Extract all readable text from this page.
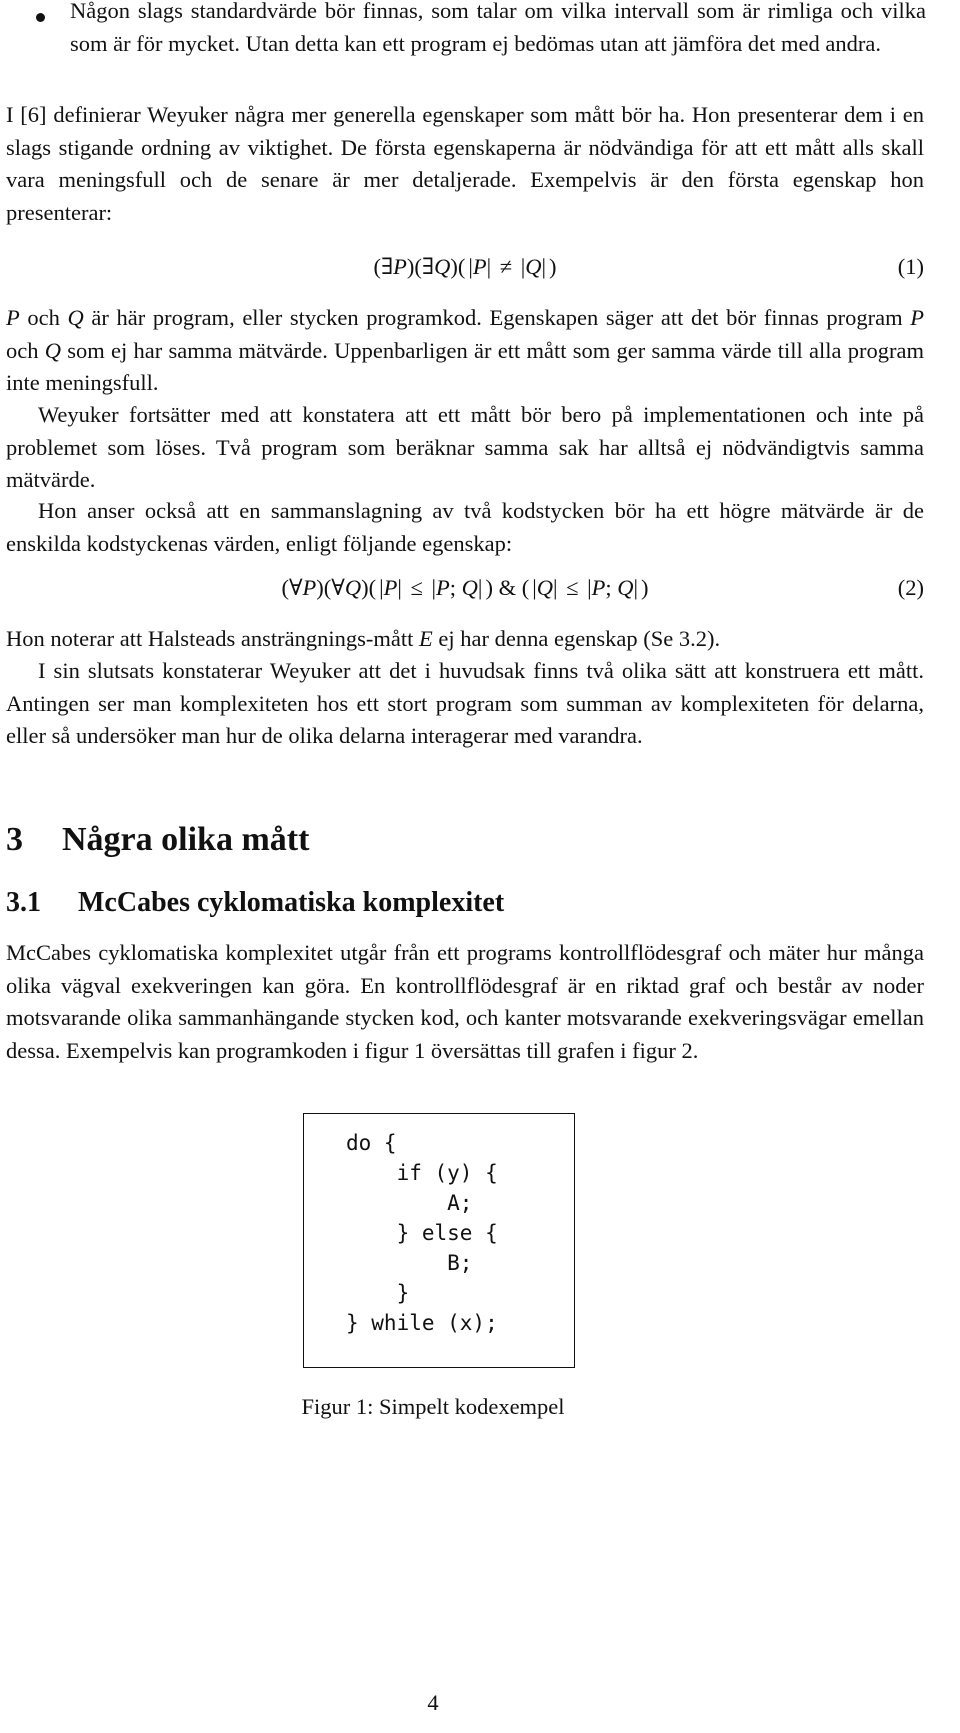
Någon slags standardvärde bör finnas, som talar om vilka intervall som är rimliga och vilka som är för mycket. Utan detta kan ett program ej bedömas utan att jämföra det med andra.

I [6] definierar Weyuker några mer generella egenskaper som mått bör ha. Hon presenterar dem i en slags stigande ordning av viktighet. De första egenskaperna är nödvändiga för att ett mått alls skall vara meningsfull och de senare är mer detaljerade. Exempelvis är den första egenskap hon presenterar:

(∃P)(∃Q)( |P| ≠ |Q| )	(1)

P och Q är här program, eller stycken programkod. Egenskapen säger att det bör finnas program P och Q som ej har samma mätvärde. Uppenbarligen är ett mått som ger samma värde till alla program inte meningsfull.

Weyuker fortsätter med att konstatera att ett mått bör bero på implementationen och inte på problemet som löses. Två program som beräknar samma sak har alltså ej nödvändigtvis samma mätvärde.

Hon anser också att en sammanslagning av två kodstycken bör ha ett högre mätvärde är de enskilda kodstyckenas värden, enligt följande egenskap:

(∀P)(∀Q)( |P| ≤ |P; Q| ) & ( |Q| ≤ |P; Q| )	(2)

Hon noterar att Halsteads ansträngnings-mått E ej har denna egenskap (Se 3.2).

I sin slutsats konstaterar Weyuker att det i huvudsak finns två olika sätt att konstruera ett mått. Antingen ser man komplexiteten hos ett stort program som summan av komplexiteten för delarna, eller så undersöker man hur de olika delarna interagerar med varandra.

3 Några olika mått
3.1 McCabes cyklomatiska komplexitet

McCabes cyklomatiska komplexitet utgår från ett programs kontrollflödesgraf och mäter hur många olika vägval exekveringen kan göra. En kontrollflödesgraf är en riktad graf och består av noder motsvarande olika sammanhängande stycken kod, och kanter motsvarande exekveringsvägar emellan dessa. Exempelvis kan programkoden i figur 1 översättas till grafen i figur 2.

do {
if (y) {
A;
} else {
B;
}
} while (x);
Figur 1: Simpelt kodexempel
4
